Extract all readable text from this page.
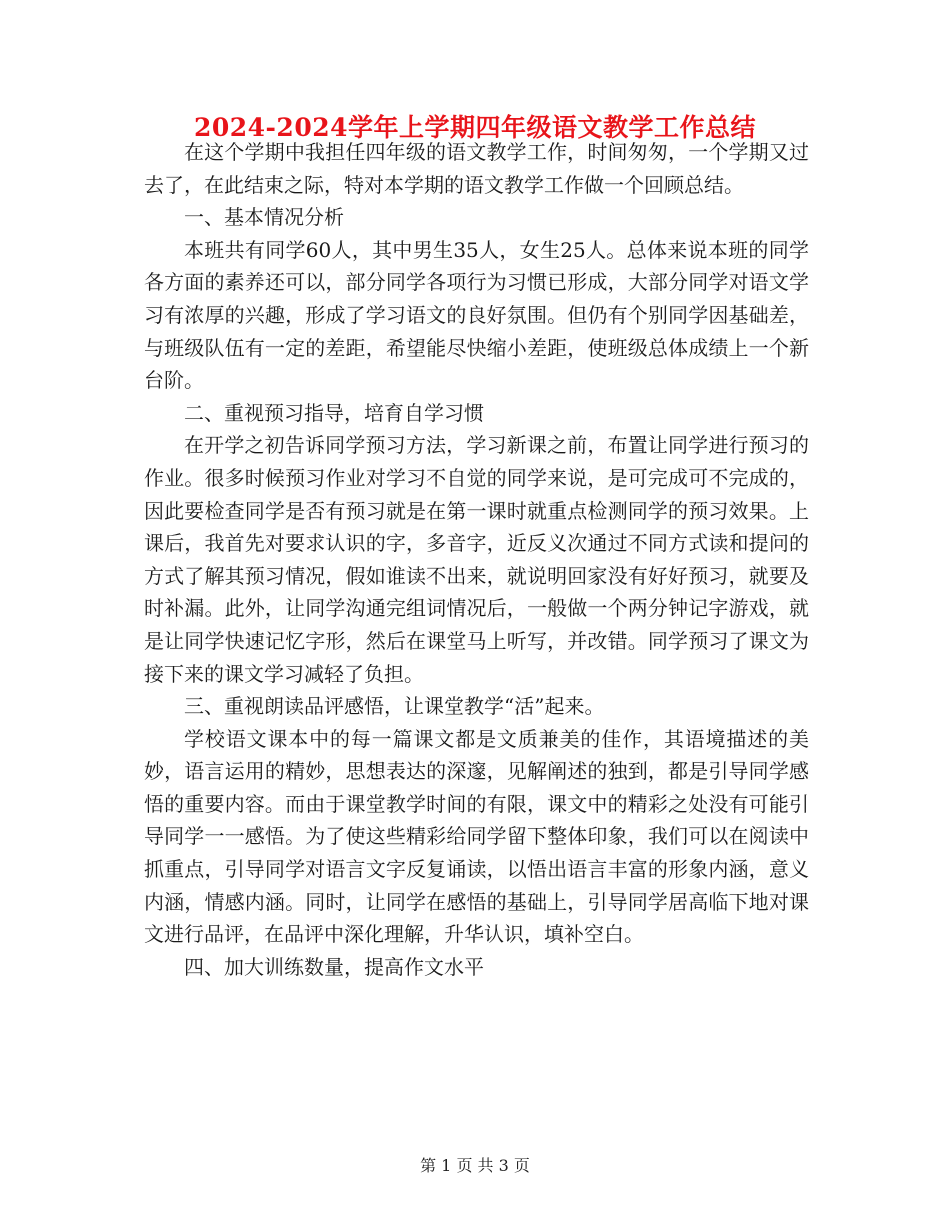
2024-2024学年上学期四年级语文教学工作总结

在这个学期中我担任四年级的语文教学工作，时间匆匆，一个学期又过去了，在此结束之际，特对本学期的语文教学工作做一个回顾总结。

一、基本情况分析

本班共有同学60人，其中男生35人，女生25人。总体来说本班的同学各方面的素养还可以，部分同学各项行为习惯已形成，大部分同学对语文学习有浓厚的兴趣，形成了学习语文的良好氛围。但仍有个别同学因基础差，与班级队伍有一定的差距，希望能尽快缩小差距，使班级总体成绩上一个新台阶。

二、重视预习指导，培育自学习惯

在开学之初告诉同学预习方法，学习新课之前，布置让同学进行预习的作业。很多时候预习作业对学习不自觉的同学来说，是可完成可不完成的，因此要检查同学是否有预习就是在第一课时就重点检测同学的预习效果。上课后，我首先对要求认识的字，多音字，近反义次通过不同方式读和提问的方式了解其预习情况，假如谁读不出来，就说明回家没有好好预习，就要及时补漏。此外，让同学沟通完组词情况后，一般做一个两分钟记字游戏，就是让同学快速记忆字形，然后在课堂马上听写，并改错。同学预习了课文为接下来的课文学习减轻了负担。

三、重视朗读品评感悟，让课堂教学“活”起来。

学校语文课本中的每一篇课文都是文质兼美的佳作，其语境描述的美妙，语言运用的精妙，思想表达的深邃，见解阐述的独到，都是引导同学感悟的重要内容。而由于课堂教学时间的有限，课文中的精彩之处没有可能引导同学一一感悟。为了使这些精彩给同学留下整体印象，我们可以在阅读中抓重点，引导同学对语言文字反复诵读，以悟出语言丰富的形象内涵，意义内涵，情感内涵。同时，让同学在感悟的基础上，引导同学居高临下地对课文进行品评，在品评中深化理解，升华认识，填补空白。

四、加大训练数量，提高作文水平

第 1 页 共 3 页
